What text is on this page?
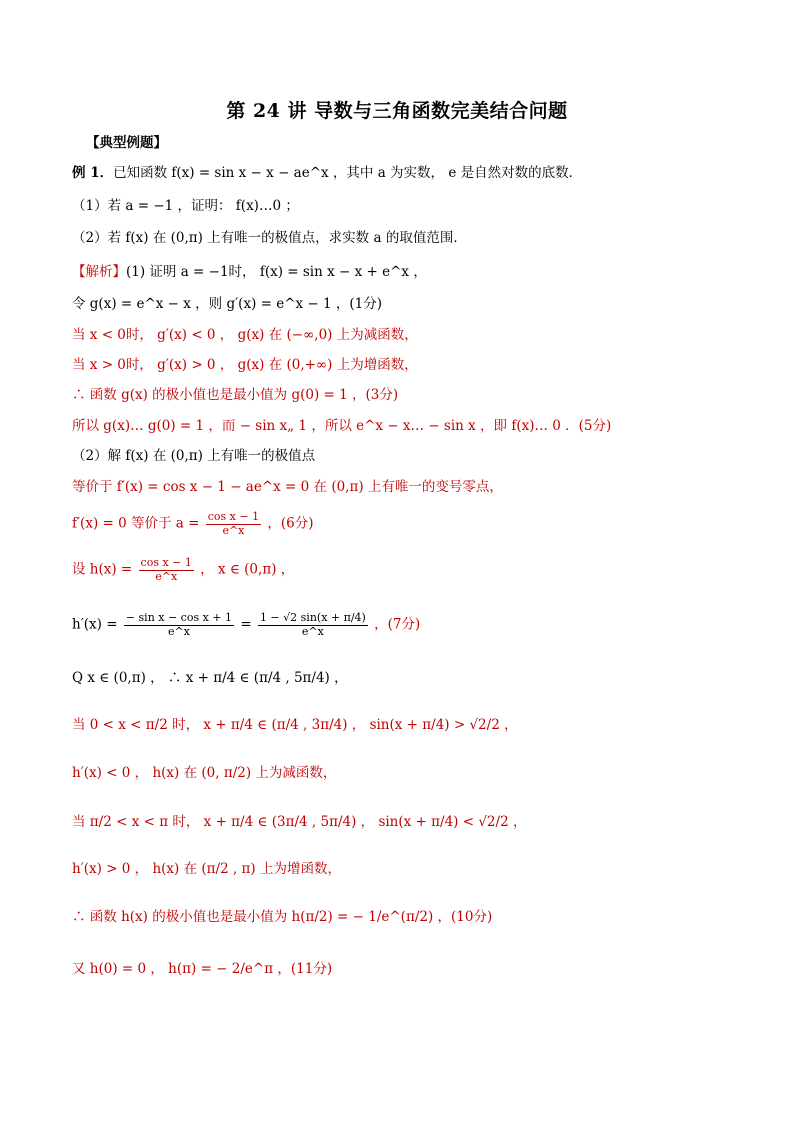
第 24 讲 导数与三角函数完美结合问题
【典型例题】
例 1．已知函数 f(x) = sin x − x − ae^x ，其中 a 为实数， e 是自然对数的底数．
（1）若 a = −1 ，证明： f(x)…0 ；
（2）若 f(x) 在 (0,π) 上有唯一的极值点，求实数 a 的取值范围．
【解析】(1) 证明 a = −1时， f(x) = sin x − x + e^x ，
令 g(x) = e^x − x ，则 g′(x) = e^x − 1 ，(1分)
当 x < 0时， g′(x) < 0 ， g(x) 在 (−∞,0) 上为减函数，
当 x > 0时， g′(x) > 0 ， g(x) 在 (0,+∞) 上为增函数，
∴ 函数 g(x) 的极小值也是最小值为 g(0) = 1 ，(3分)
所以 g(x)… g(0) = 1 ，而 − sin x„ 1 ，所以 e^x − x… − sin x ，即 f(x)… 0 ．(5分)
（2）解 f(x) 在 (0,π) 上有唯一的极值点
等价于 f′(x) = cos x − 1 − ae^x = 0 在 (0,π) 上有唯一的变号零点，
f′(x) = 0 等价于 $a = \frac{\text{cos x − 1}}{e\^{}x}$ ，(6分)
设 $h(x) = \frac{\text{cos x − 1}}{e\^{}x}$ ， x ∈ (0,π) ，
$h'(x) = \frac{\text{− sin x − cos x + 1}}{e\^{}x} = \frac{1 - √2 \sin(x + \pi/4)}{e\^{}x}$ ，(7分)
Q x ∈ (0,π) ， ∴ x + π/4 ∈ (π/4 , 5π/4) ，
当 0 < x < π/2 时， x + π/4 ∈ (π/4 , 3π/4) ， sin(x + π/4) > √2/2 ，
h′(x) < 0 ， h(x) 在 (0, π/2) 上为减函数，
当 π/2 < x < π 时， x + π/4 ∈ (3π/4 , 5π/4) ， sin(x + π/4) < √2/2 ，
h′(x) > 0 ， h(x) 在 (π/2 , π) 上为增函数，
∴ 函数 h(x) 的极小值也是最小值为 h(π/2) = − 1/e^(π/2) ，(10分)
又 h(0) = 0 ， h(π) = − 2/e^π ，(11分)
